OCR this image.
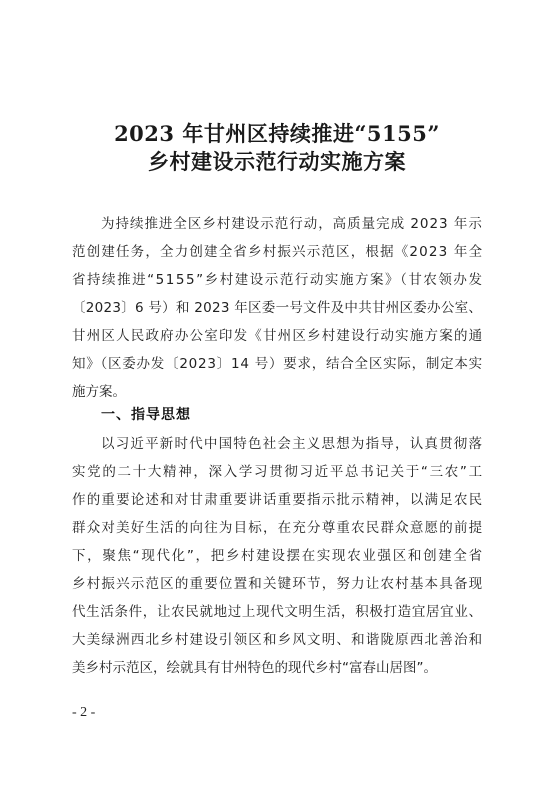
2023 年甘州区持续推进“5155”
乡村建设示范行动实施方案
为持续推进全区乡村建设示范行动，高质量完成 2023 年示
范创建任务，全力创建全省乡村振兴示范区，根据《2023 年全
省持续推进“5155”乡村建设示范行动实施方案》（甘农领办发
〔2023〕6 号）和 2023 年区委一号文件及中共甘州区委办公室、
甘州区人民政府办公室印发《甘州区乡村建设行动实施方案的通
知》（区委办发〔2023〕14 号）要求，结合全区实际，制定本实
施方案。
一、指导思想
以习近平新时代中国特色社会主义思想为指导，认真贯彻落
实党的二十大精神，深入学习贯彻习近平总书记关于“三农”工
作的重要论述和对甘肃重要讲话重要指示批示精神，以满足农民
群众对美好生活的向往为目标，在充分尊重农民群众意愿的前提
下，聚焦“现代化”，把乡村建设摆在实现农业强区和创建全省
乡村振兴示范区的重要位置和关键环节，努力让农村基本具备现
代生活条件，让农民就地过上现代文明生活，积极打造宜居宜业、
大美绿洲西北乡村建设引领区和乡风文明、和谐陇原西北善治和
美乡村示范区，绘就具有甘州特色的现代乡村“富春山居图”。
- 2 -
